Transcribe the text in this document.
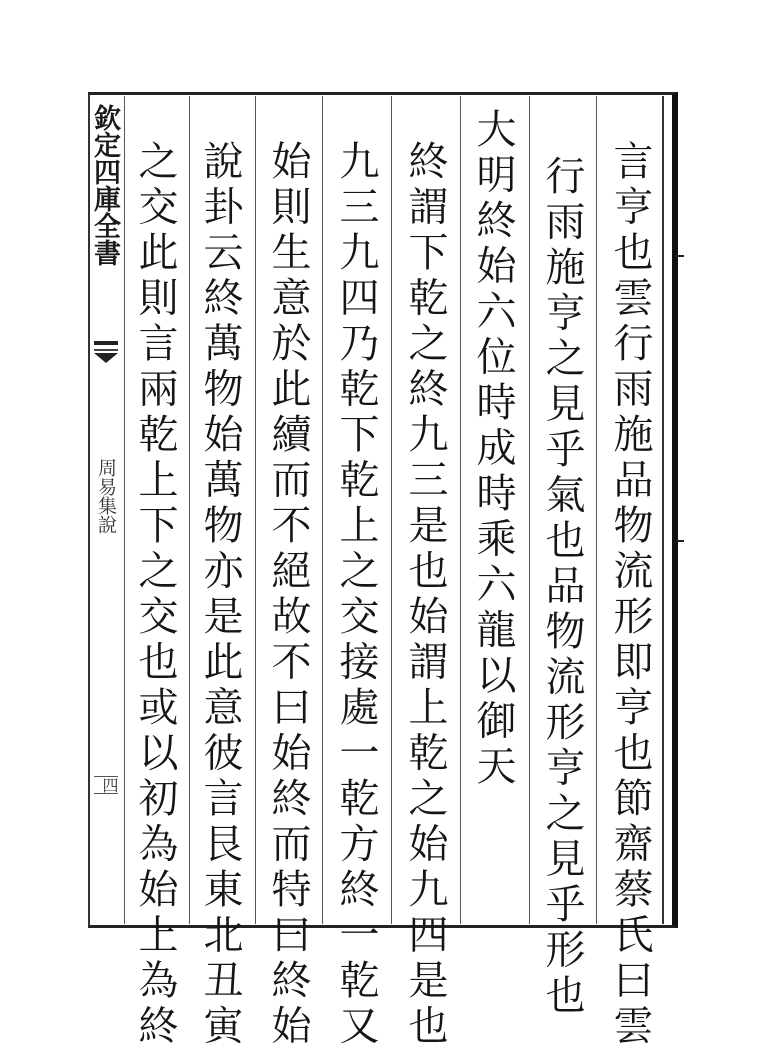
欽定四庫全書
周易集說
四	言亨也雲行雨施品物流形即亨也節齋蔡氏曰雲
行雨施亨之見乎氣也品物流形亨之見乎形也
大明終始六位時成時乘六龍以御天
終謂下乾之終九三是也始謂上乾之始九四是也
九三九四乃乾下乾上之交接處一乾方終一乾又
始則生意於此續而不絕故不曰始終而特曰終始
說卦云終萬物始萬物亦是此意彼言艮東北丑寅
之交此則言兩乾上下之交也或以初為始上為終
